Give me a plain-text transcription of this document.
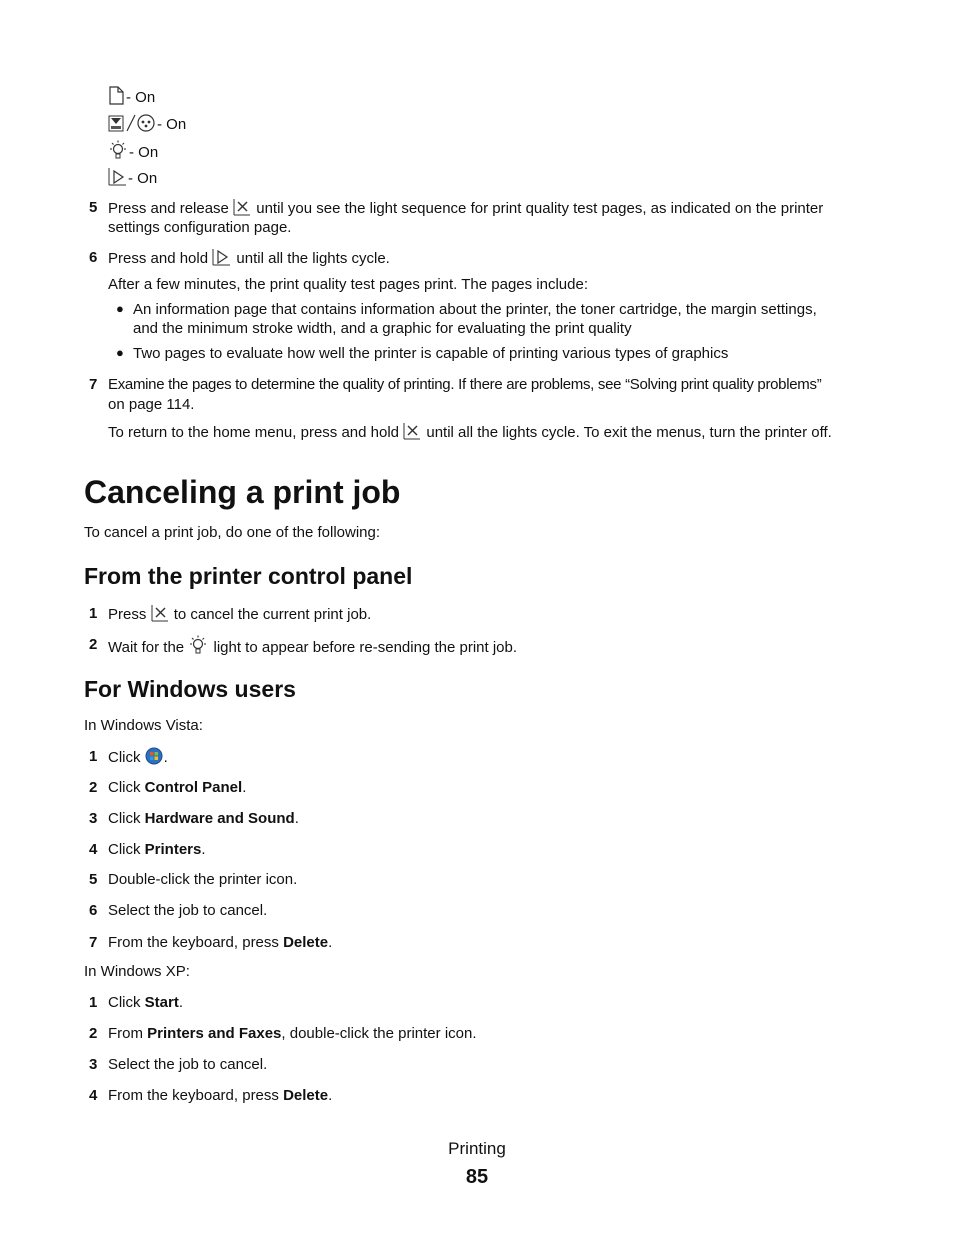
- On
- On
- On
- On
5 Press and release until you see the light sequence for print quality test pages, as indicated on the printer
settings configuration page.
6 Press and hold until all the lights cycle.
After a few minutes, the print quality test pages print. The pages include:
● An information page that contains information about the printer, the toner cartridge, the margin settings,
and the minimum stroke width, and a graphic for evaluating the print quality
● Two pages to evaluate how well the printer is capable of printing various types of graphics
7 Examine the pages to determine the quality of printing. If there are problems, see “Solving print quality problems”
on page 114.
To return to the home menu, press and hold until all the lights cycle. To exit the menus, turn the printer off.
Canceling a print job
To cancel a print job, do one of the following:
From the printer control panel
1 Press to cancel the current print job.
2 Wait for the light to appear before re-sending the print job.
For Windows users
In Windows Vista:
1 Click .
2 Click Control Panel.
3 Click Hardware and Sound.
4 Click Printers.
5 Double-click the printer icon.
6 Select the job to cancel.
7 From the keyboard, press Delete.
In Windows XP:
1 Click Start.
2 From Printers and Faxes, double-click the printer icon.
3 Select the job to cancel.
4 From the keyboard, press Delete.
Printing
85
